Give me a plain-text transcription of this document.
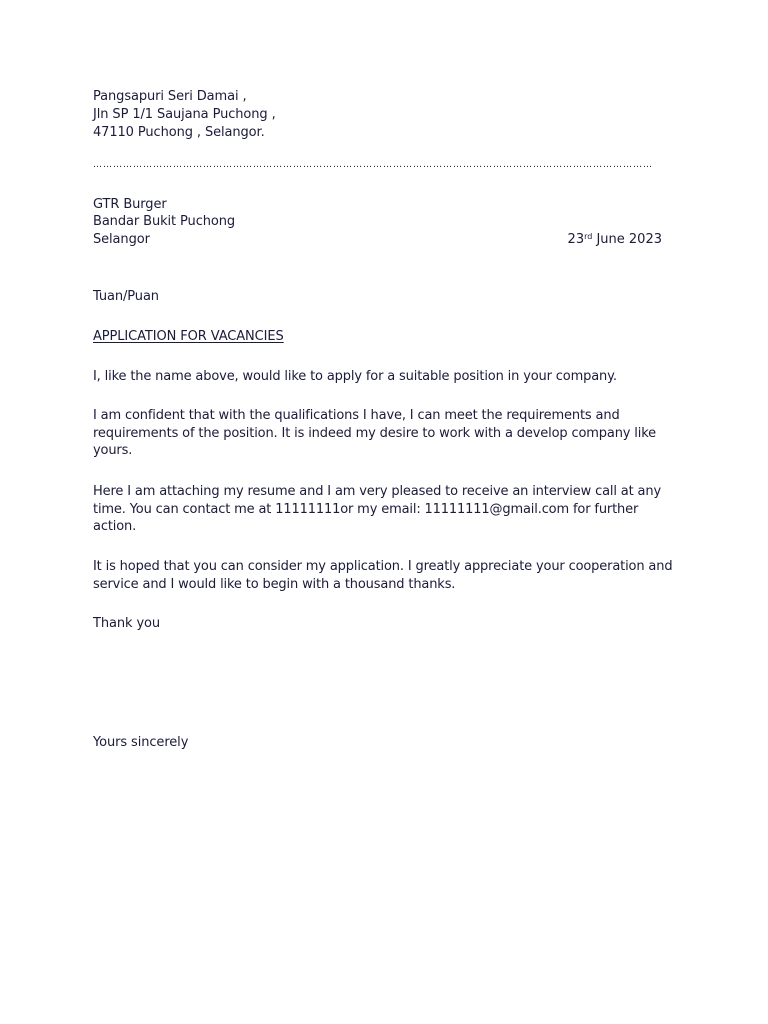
Pangsapuri Seri Damai ,
Jln SP 1/1 Saujana Puchong ,
47110 Puchong , Selangor.
……………………………………………………………………………………………………………………………………………………
GTR Burger
Bandar Bukit Puchong
Selangor	23rd June 2023
Tuan/Puan
APPLICATION FOR VACANCIES

I, like the name above, would like to apply for a suitable position in your company.

I am confident that with the qualifications I have, I can meet the requirements and requirements of the position. It is indeed my desire to work with a develop company like yours.

Here I am attaching my resume and I am very pleased to receive an interview call at any time. You can contact me at 11111111or my email: 11111111@gmail.com for further action.

It is hoped that you can consider my application. I greatly appreciate your cooperation and service and I would like to begin with a thousand thanks.

Thank you
Yours sincerely
